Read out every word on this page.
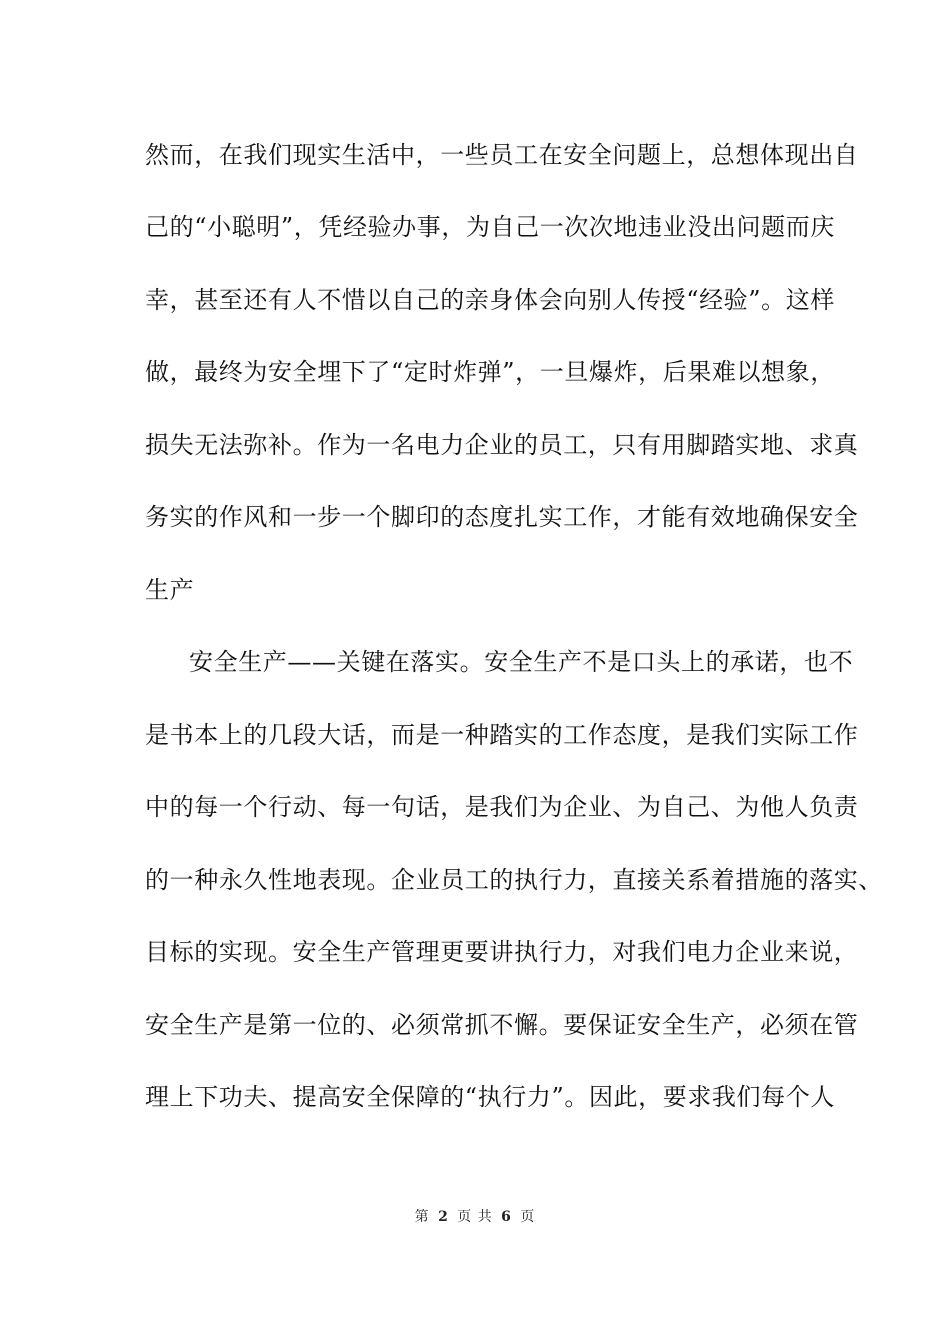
然而，在我们现实生活中，一些员工在安全问题上，总想体现出自
己的“小聪明”，凭经验办事，为自己一次次地违业没出问题而庆
幸，甚至还有人不惜以自己的亲身体会向别人传授“经验”。这样
做，最终为安全埋下了“定时炸弹”，一旦爆炸，后果难以想象，
损失无法弥补。作为一名电力企业的员工，只有用脚踏实地、求真
务实的作风和一步一个脚印的态度扎实工作，才能有效地确保安全
生产
安全生产——关键在落实。安全生产不是口头上的承诺，也不
是书本上的几段大话，而是一种踏实的工作态度，是我们实际工作
中的每一个行动、每一句话，是我们为企业、为自己、为他人负责
的一种永久性地表现。企业员工的执行力，直接关系着措施的落实、
目标的实现。安全生产管理更要讲执行力，对我们电力企业来说，
安全生产是第一位的、必须常抓不懈。要保证安全生产，必须在管
理上下功夫、提高安全保障的“执行力”。因此，要求我们每个人
第 2 页 共 6 页
